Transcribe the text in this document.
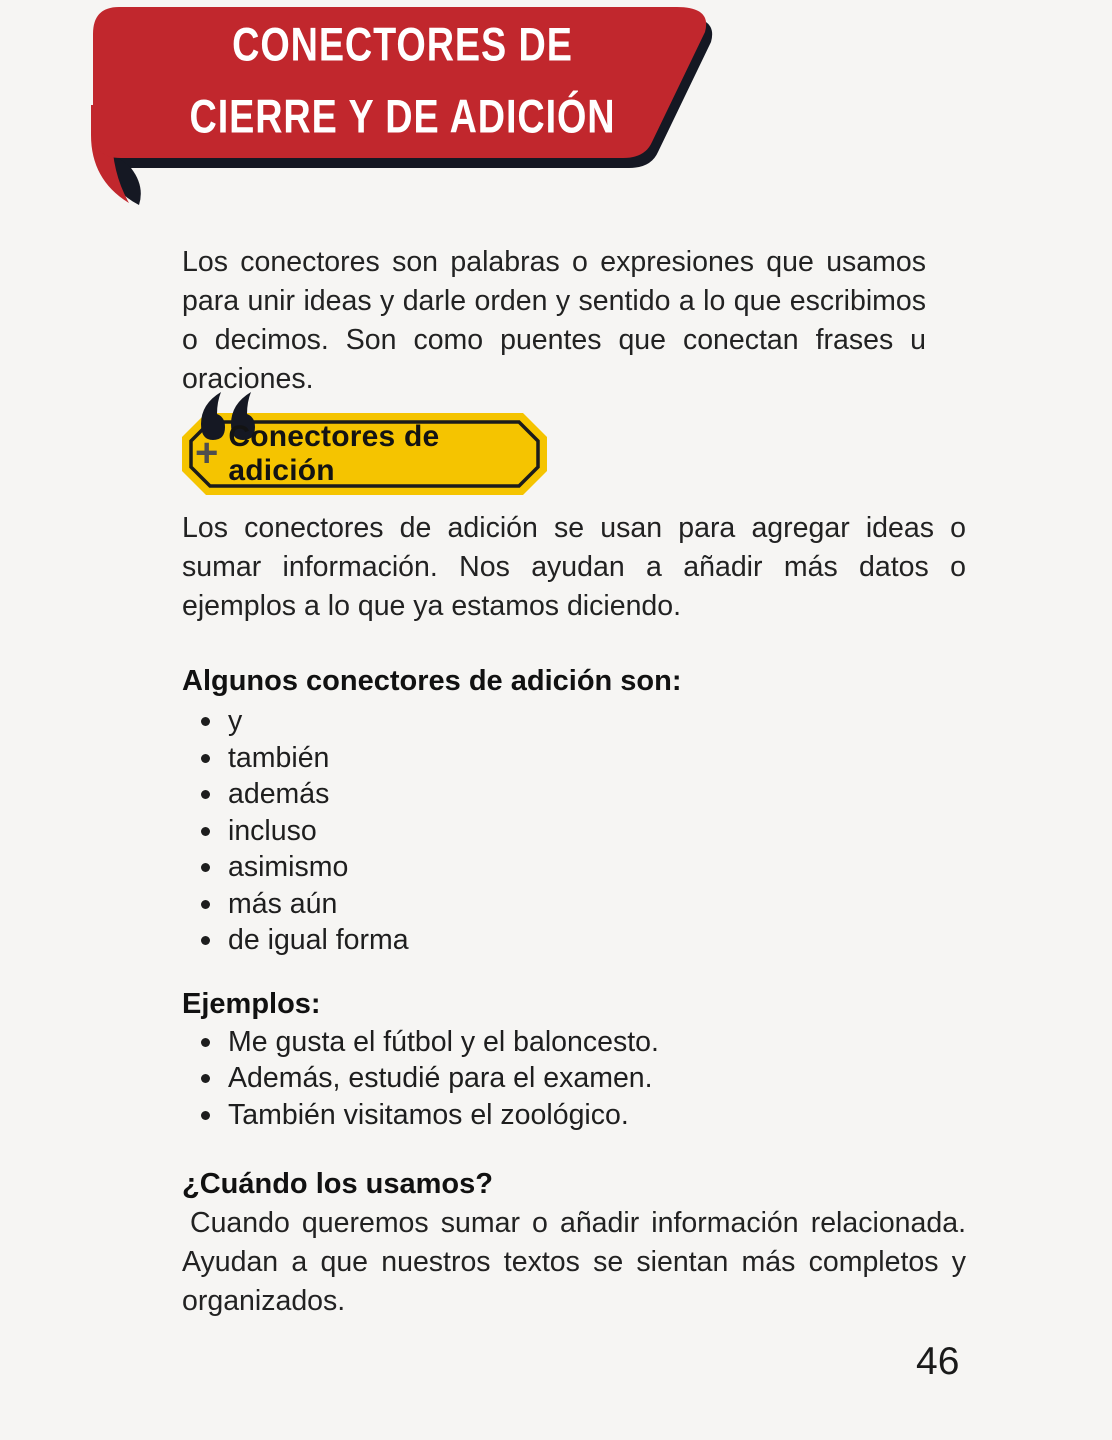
CONECTORES DE
CIERRE Y DE ADICIÓN

Los conectores son palabras o expresiones que usamos para unir ideas y darle orden y sentido a lo que escribimos o decimos. Son como puentes que conectan frases u oraciones.

+ Conectores de adición

Los conectores de adición se usan para agregar ideas o sumar información. Nos ayudan a añadir más datos o ejemplos a lo que ya estamos diciendo.

Algunos conectores de adición son:
y
también
además
incluso
asimismo
más aún
de igual forma
Ejemplos:
Me gusta el fútbol y el baloncesto.
Además, estudié para el examen.
También visitamos el zoológico.
¿Cuándo los usamos?

Cuando queremos sumar o añadir información relacionada. Ayudan a que nuestros textos se sientan más completos y organizados.

46
